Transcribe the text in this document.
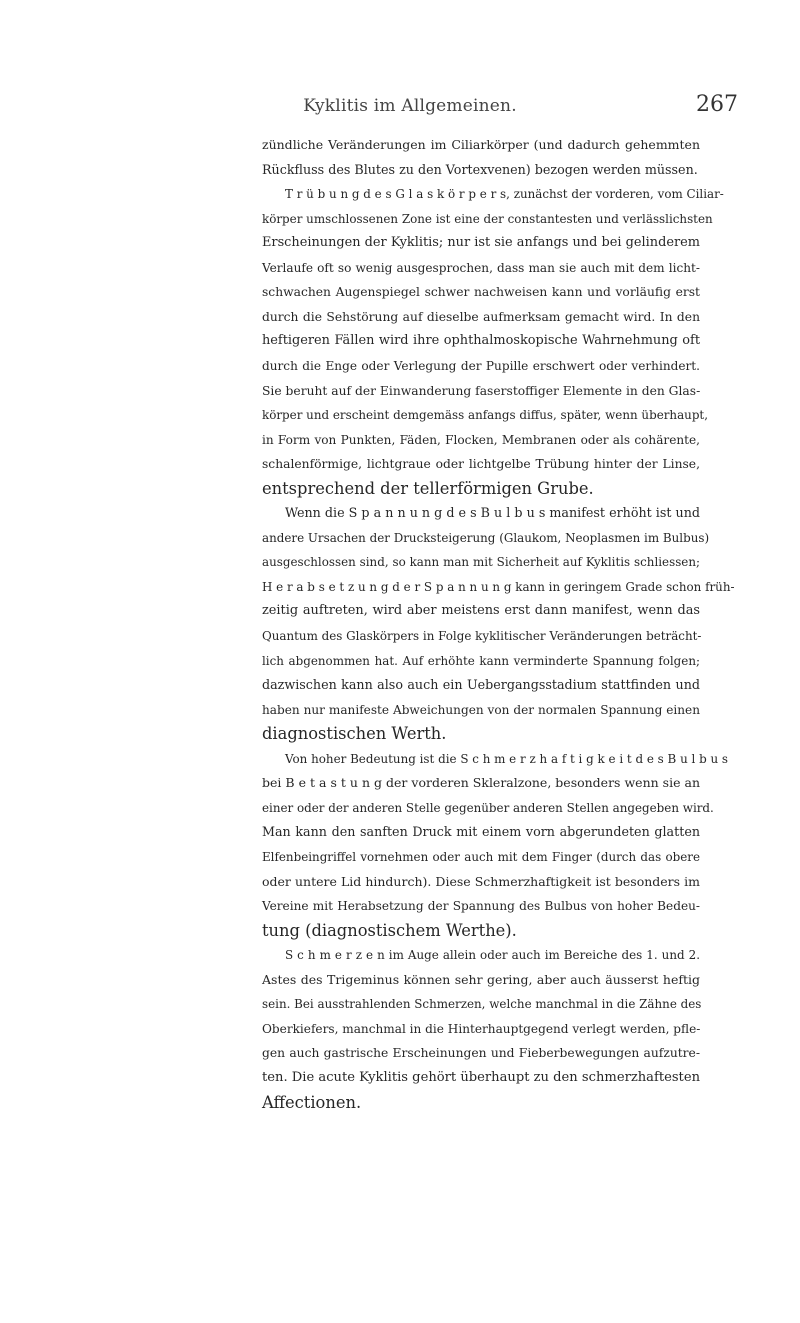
Kyklitis im Allgemeinen.	267
zündliche Veränderungen im Ciliarkörper (und dadurch gehemmten
Rückfluss des Blutes zu den Vortexvenen) bezogen werden müssen.
T r ü b u n g d e s G l a s k ö r p e r s, zunächst der vorderen, vom Ciliar-
körper umschlossenen Zone ist eine der constantesten und verlässlichsten
Erscheinungen der Kyklitis; nur ist sie anfangs und bei gelinderem
Verlaufe oft so wenig ausgesprochen, dass man sie auch mit dem licht-
schwachen Augenspiegel schwer nachweisen kann und vorläufig erst
durch die Sehstörung auf dieselbe aufmerksam gemacht wird. In den
heftigeren Fällen wird ihre ophthalmoskopische Wahrnehmung oft
durch die Enge oder Verlegung der Pupille erschwert oder verhindert.
Sie beruht auf der Einwanderung faserstoffiger Elemente in den Glas-
körper und erscheint demgemäss anfangs diffus, später, wenn überhaupt,
in Form von Punkten, Fäden, Flocken, Membranen oder als cohärente,
schalenförmige, lichtgraue oder lichtgelbe Trübung hinter der Linse,
entsprechend der tellerförmigen Grube.
Wenn die S p a n n u n g d e s B u l b u s manifest erhöht ist und
andere Ursachen der Drucksteigerung (Glaukom, Neoplasmen im Bulbus)
ausgeschlossen sind, so kann man mit Sicherheit auf Kyklitis schliessen;
H e r a b s e t z u n g d e r S p a n n u n g kann in geringem Grade schon früh-
zeitig auftreten, wird aber meistens erst dann manifest, wenn das
Quantum des Glaskörpers in Folge kyklitischer Veränderungen beträcht-
lich abgenommen hat. Auf erhöhte kann verminderte Spannung folgen;
dazwischen kann also auch ein Uebergangsstadium stattfinden und
haben nur manifeste Abweichungen von der normalen Spannung einen
diagnostischen Werth.
Von hoher Bedeutung ist die S c h m e r z h a f t i g k e i t d e s B u l b u s
bei B e t a s t u n g der vorderen Skleralzone, besonders wenn sie an
einer oder der anderen Stelle gegenüber anderen Stellen angegeben wird.
Man kann den sanften Druck mit einem vorn abgerundeten glatten
Elfenbeingriffel vornehmen oder auch mit dem Finger (durch das obere
oder untere Lid hindurch). Diese Schmerzhaftigkeit ist besonders im
Vereine mit Herabsetzung der Spannung des Bulbus von hoher Bedeu-
tung (diagnostischem Werthe).
S c h m e r z e n im Auge allein oder auch im Bereiche des 1. und 2.
Astes des Trigeminus können sehr gering, aber auch äusserst heftig
sein. Bei ausstrahlenden Schmerzen, welche manchmal in die Zähne des
Oberkiefers, manchmal in die Hinterhauptgegend verlegt werden, pfle-
gen auch gastrische Erscheinungen und Fieberbewegungen aufzutre-
ten. Die acute Kyklitis gehört überhaupt zu den schmerzhaftesten
Affectionen.
